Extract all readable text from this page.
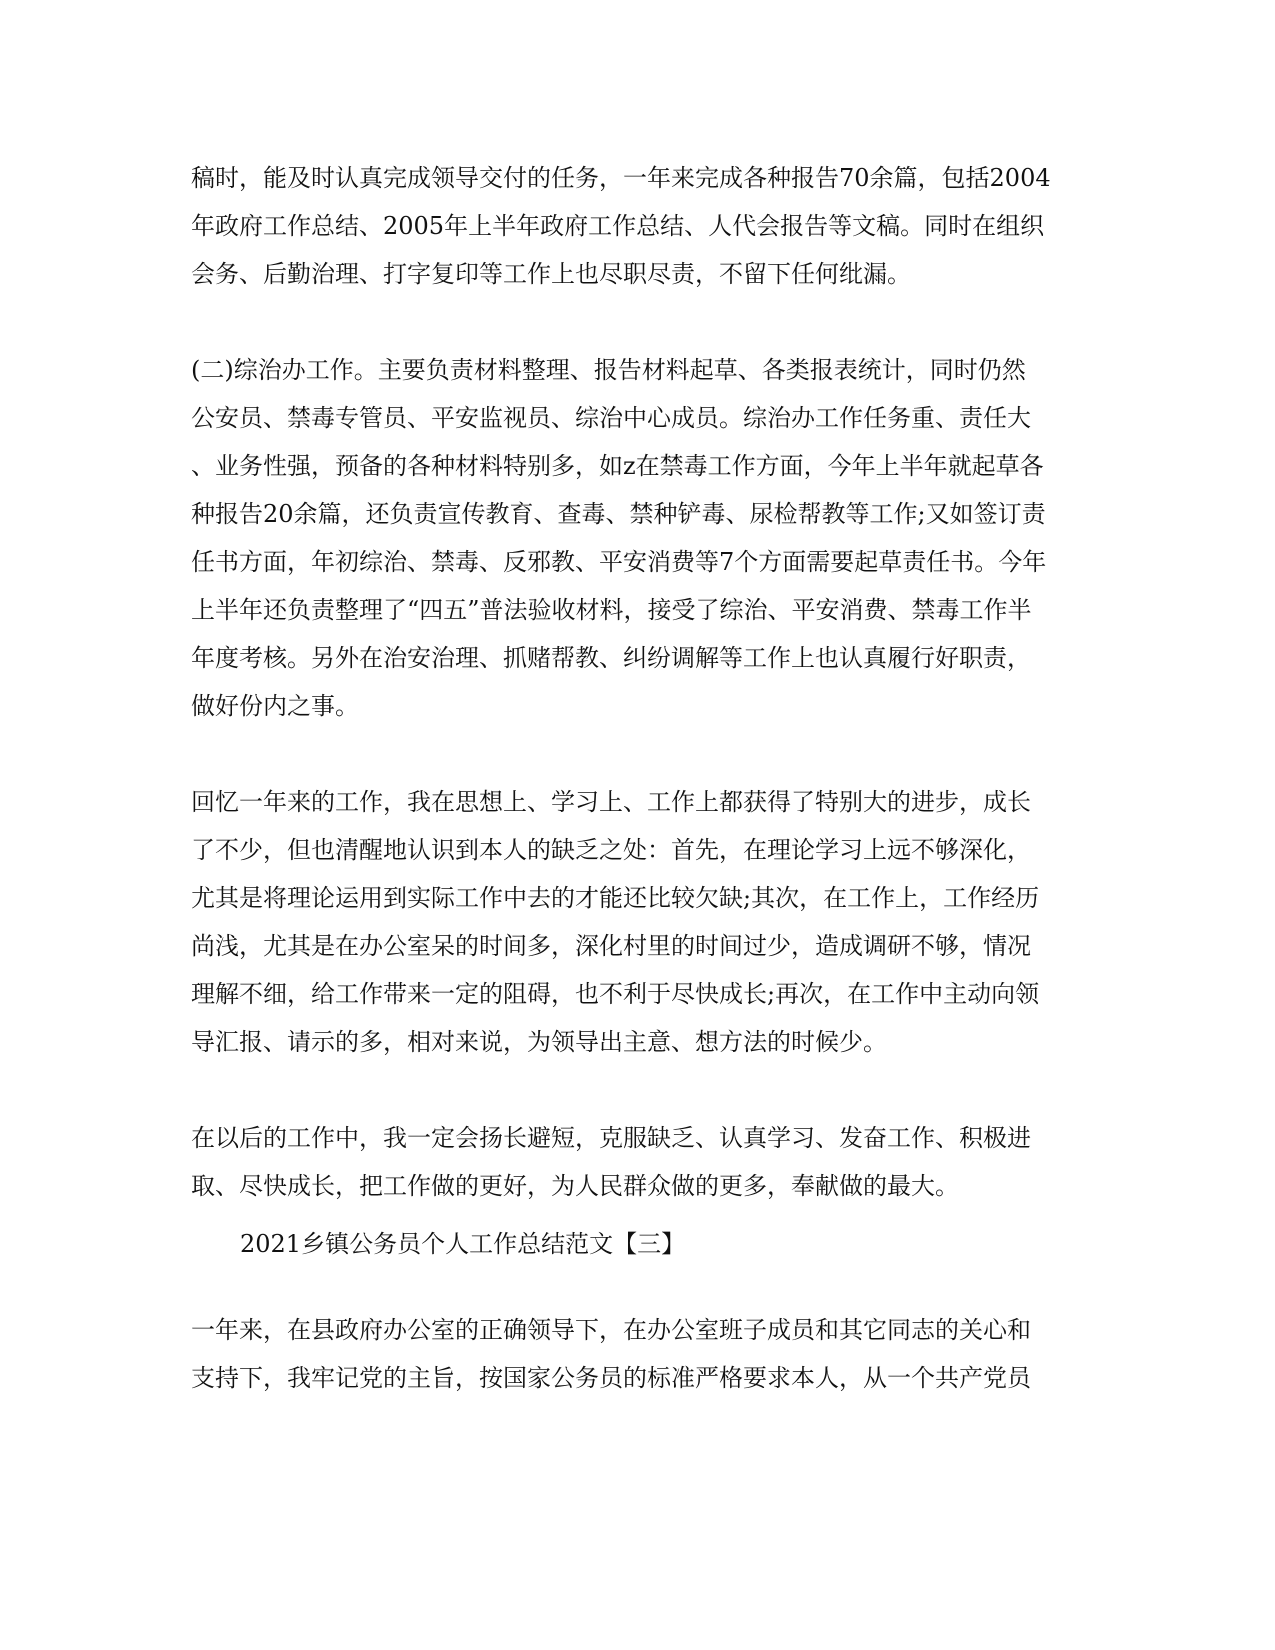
稿时，能及时认真完成领导交付的任务，一年来完成各种报告70余篇，包括2004
年政府工作总结、2005年上半年政府工作总结、人代会报告等文稿。同时在组织
会务、后勤治理、打字复印等工作上也尽职尽责，不留下任何纰漏。
(二)综治办工作。主要负责材料整理、报告材料起草、各类报表统计，同时仍然
公安员、禁毒专管员、平安监视员、综治中心成员。综治办工作任务重、责任大
、业务性强，预备的各种材料特别多，如z在禁毒工作方面，今年上半年就起草各
种报告20余篇，还负责宣传教育、查毒、禁种铲毒、尿检帮教等工作;又如签订责
任书方面，年初综治、禁毒、反邪教、平安消费等7个方面需要起草责任书。今年
上半年还负责整理了“四五”普法验收材料，接受了综治、平安消费、禁毒工作半
年度考核。另外在治安治理、抓赌帮教、纠纷调解等工作上也认真履行好职责，
做好份内之事。
回忆一年来的工作，我在思想上、学习上、工作上都获得了特别大的进步，成长
了不少，但也清醒地认识到本人的缺乏之处：首先，在理论学习上远不够深化，
尤其是将理论运用到实际工作中去的才能还比较欠缺;其次，在工作上，工作经历
尚浅，尤其是在办公室呆的时间多，深化村里的时间过少，造成调研不够，情况
理解不细，给工作带来一定的阻碍，也不利于尽快成长;再次，在工作中主动向领
导汇报、请示的多，相对来说，为领导出主意、想方法的时候少。
在以后的工作中，我一定会扬长避短，克服缺乏、认真学习、发奋工作、积极进
取、尽快成长，把工作做的更好，为人民群众做的更多，奉献做的最大。
2021乡镇公务员个人工作总结范文【三】
一年来，在县政府办公室的正确领导下，在办公室班子成员和其它同志的关心和
支持下，我牢记党的主旨，按国家公务员的标准严格要求本人，从一个共产党员
